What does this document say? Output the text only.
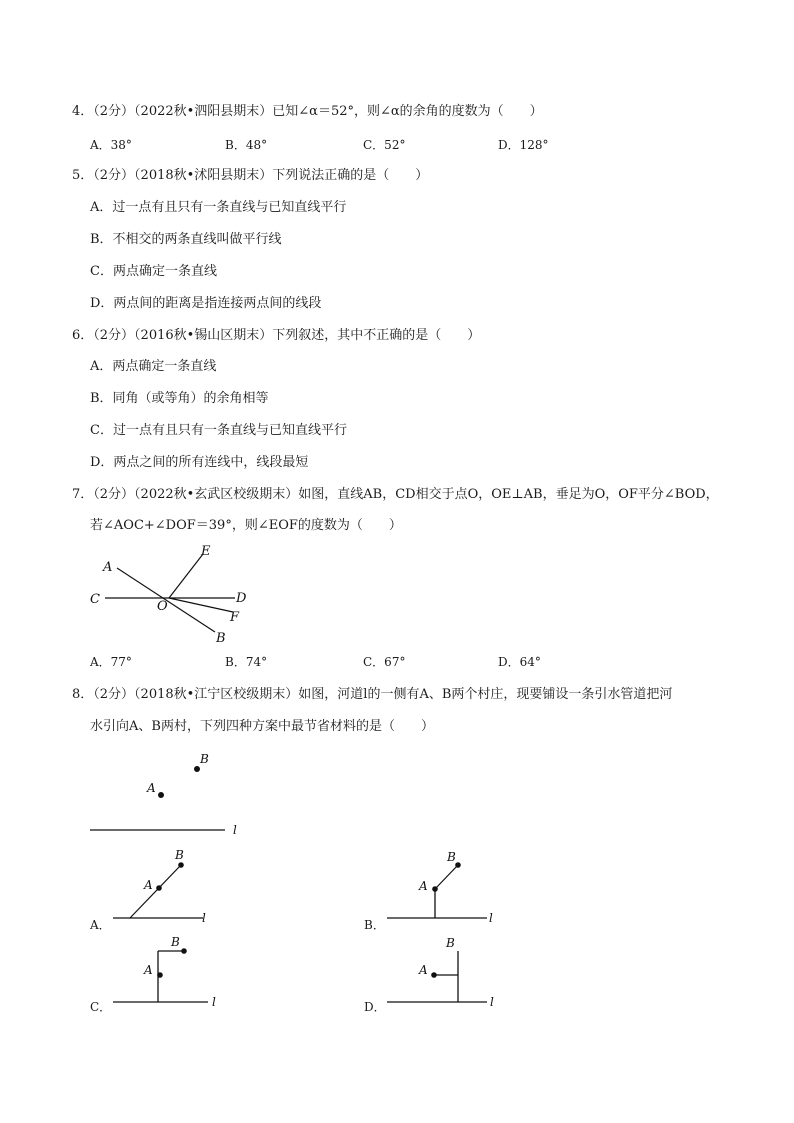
4．（2分）（2022秋•泗阳县期末）已知∠α＝52°，则∠α的余角的度数为（　　）
A．38°	B．48°	C．52°	D．128°
5．（2分）（2018秋•沭阳县期末）下列说法正确的是（　　）
A．过一点有且只有一条直线与已知直线平行
B．不相交的两条直线叫做平行线
C．两点确定一条直线
D．两点间的距离是指连接两点间的线段
6．（2分）（2016秋•锡山区期末）下列叙述，其中不正确的是（　　）
A．两点确定一条直线
B．同角（或等角）的余角相等
C．过一点有且只有一条直线与已知直线平行
D．两点之间的所有连线中，线段最短
7．（2分）（2022秋•玄武区校级期末）如图，直线AB，CD相交于点O，OE⊥AB，垂足为O，OF平分∠BOD，
若∠AOC+∠DOF＝39°，则∠EOF的度数为（　　）
A
C	O
E
D
F
B
A．77°	B．74°	C．67°	D．64°
8．（2分）（2018秋•江宁区校级期末）如图，河道l的一侧有A、B两个村庄，现要铺设一条引水管道把河
水引向A、B两村，下列四种方案中最节省材料的是（　　）
A
B
l
A．
A
B
l	B．
A
B
l
C．
A
B
l	D．
A
B
l
